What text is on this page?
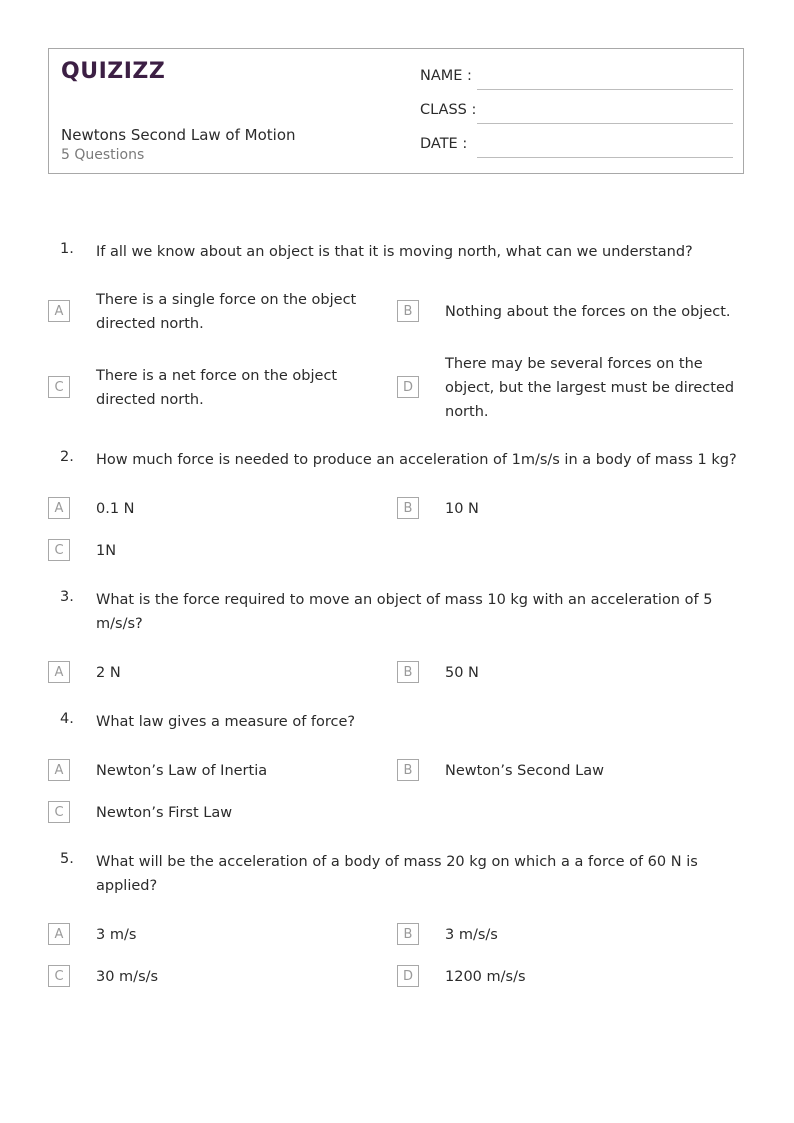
QUIZIZZ
Newtons Second Law of Motion
5 Questions
NAME :
CLASS :
DATE :
1. If all we know about an object is that it is moving north, what can we understand?
A
There is a single force on the object directed north.
B	Nothing about the forces on the object.
C
There is a net force on the object directed north.
D
There may be several forces on the object, but the largest must be directed north.
2. How much force is needed to produce an acceleration of 1m/s/s in a body of mass 1 kg?
A	0.1 N	B	10 N
C	1N
3. What is the force required to move an object of mass 10 kg with an acceleration of 5 m/s/s?
A	2 N	B	50 N
4. What law gives a measure of force?
A	Newton’s Law of Inertia	B	Newton’s Second Law
C	Newton’s First Law
5. What will be the acceleration of a body of mass 20 kg on which a a force of 60 N is applied?
A	3 m/s	B	3 m/s/s
C	30 m/s/s	D	1200 m/s/s
